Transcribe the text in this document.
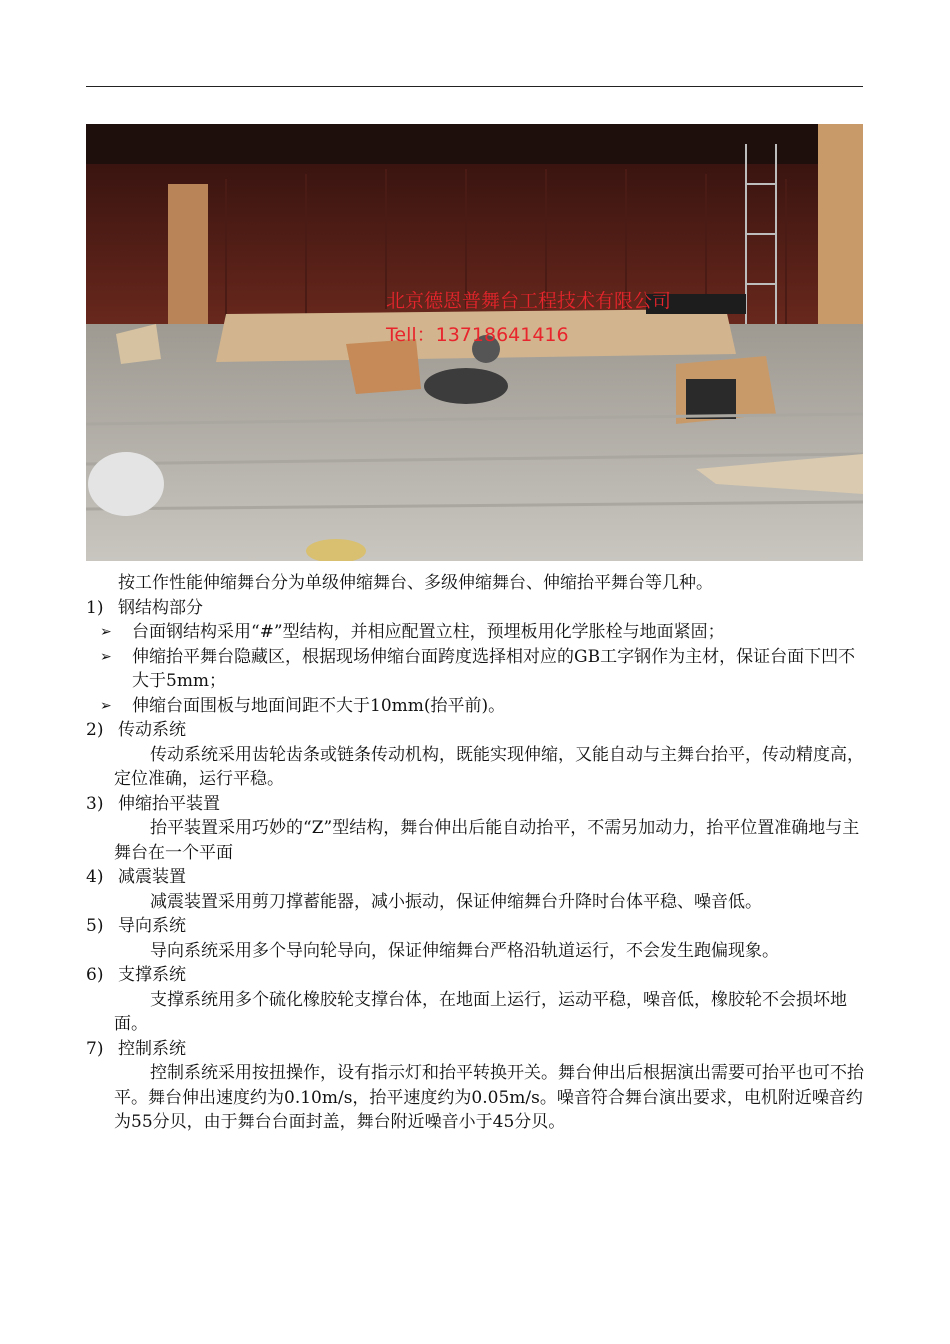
北京德恩普舞台工程技术有限公司
Tell：13718641416
按工作性能伸缩舞台分为单级伸缩舞台、多级伸缩舞台、伸缩抬平舞台等几种。
1) 钢结构部分
➢	台面钢结构采用“#”型结构，并相应配置立柱，预埋板用化学胀栓与地面紧固；
➢	伸缩抬平舞台隐藏区，根据现场伸缩台面跨度选择相对应的GB工字钢作为主材，保证台面下凹不大于5mm；
➢	伸缩台面围板与地面间距不大于10mm(抬平前)。
2) 传动系统
传动系统采用齿轮齿条或链条传动机构，既能实现伸缩，又能自动与主舞台抬平，传动精度高，定位准确，运行平稳。
3) 伸缩抬平装置
抬平装置采用巧妙的“Z”型结构，舞台伸出后能自动抬平，不需另加动力，抬平位置准确地与主舞台在一个平面
4) 减震装置
减震装置采用剪刀撑蓄能器，减小振动，保证伸缩舞台升降时台体平稳、噪音低。
5) 导向系统
导向系统采用多个导向轮导向，保证伸缩舞台严格沿轨道运行，不会发生跑偏现象。
6) 支撑系统
支撑系统用多个硫化橡胶轮支撑台体，在地面上运行，运动平稳，噪音低，橡胶轮不会损坏地面。
7) 控制系统
控制系统采用按扭操作，设有指示灯和抬平转换开关。舞台伸出后根据演出需要可抬平也可不抬平。舞台伸出速度约为0.10m/s，抬平速度约为0.05m/s。噪音符合舞台演出要求，电机附近噪音约为55分贝，由于舞台台面封盖，舞台附近噪音小于45分贝。
